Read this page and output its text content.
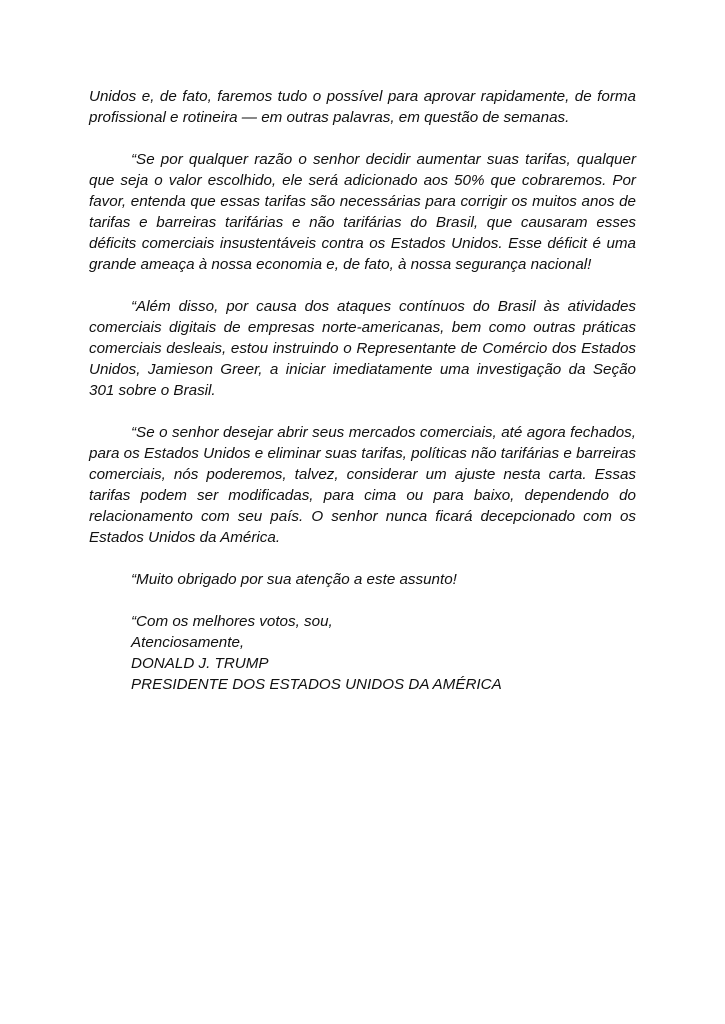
Unidos e, de fato, faremos tudo o possível para aprovar rapidamente, de forma profissional e rotineira — em outras palavras, em questão de semanas.

“Se por qualquer razão o senhor decidir aumentar suas tarifas, qualquer que seja o valor escolhido, ele será adicionado aos 50% que cobraremos. Por favor, entenda que essas tarifas são necessárias para corrigir os muitos anos de tarifas e barreiras tarifárias e não tarifárias do Brasil, que causaram esses déficits comerciais insustentáveis contra os Estados Unidos. Esse déficit é uma grande ameaça à nossa economia e, de fato, à nossa segurança nacional!

“Além disso, por causa dos ataques contínuos do Brasil às atividades comerciais digitais de empresas norte-americanas, bem como outras práticas comerciais desleais, estou instruindo o Representante de Comércio dos Estados Unidos, Jamieson Greer, a iniciar imediatamente uma investigação da Seção 301 sobre o Brasil.

“Se o senhor desejar abrir seus mercados comerciais, até agora fechados, para os Estados Unidos e eliminar suas tarifas, políticas não tarifárias e barreiras comerciais, nós poderemos, talvez, considerar um ajuste nesta carta. Essas tarifas podem ser modificadas, para cima ou para baixo, dependendo do relacionamento com seu país. O senhor nunca ficará decepcionado com os Estados Unidos da América.

“Muito obrigado por sua atenção a este assunto!

“Com os melhores votos, sou,
Atenciosamente,
DONALD J. TRUMP
PRESIDENTE DOS ESTADOS UNIDOS DA AMÉRICA
